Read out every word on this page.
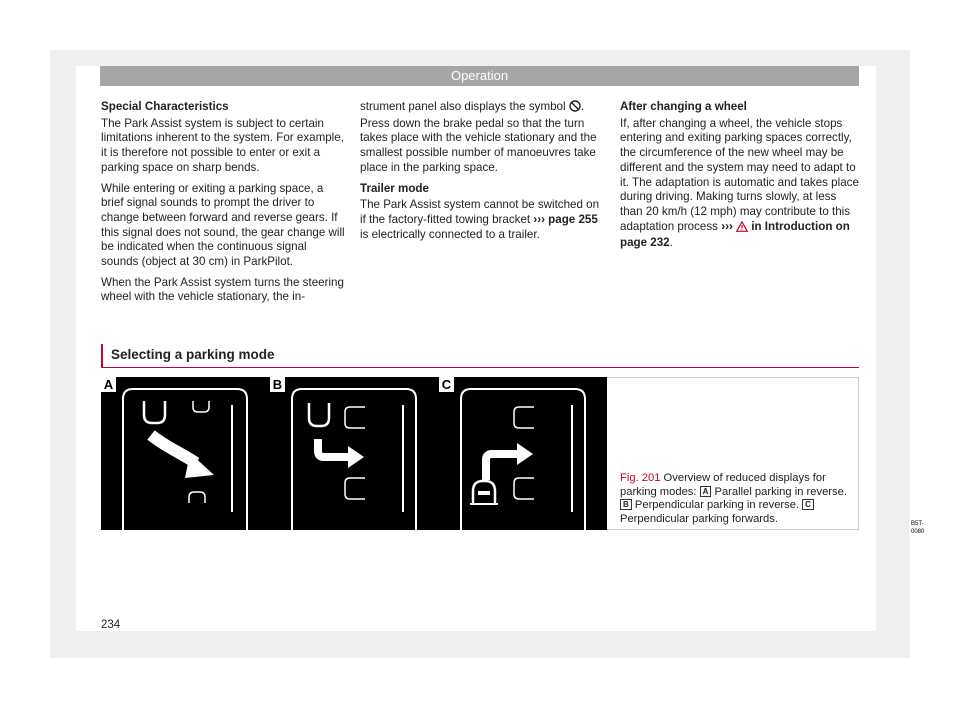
Operation

Special Characteristics

The Park Assist system is subject to certain limitations inherent to the system. For example, it is therefore not possible to enter or exit a parking space on sharp bends.

While entering or exiting a parking space, a brief signal sounds to prompt the driver to change between forward and reverse gears. If this signal does not sound, the gear change will be indicated when the continuous signal sounds (object at 30 cm) in ParkPilot.

When the Park Assist system turns the steering wheel with the vehicle stationary, the in-

strument panel also displays the symbol . Press down the brake pedal so that the turn takes place with the vehicle stationary and the smallest possible number of manoeuvres take place in the parking space.

Trailer mode

The Park Assist system cannot be switched on if the factory-fitted towing bracket ››› page 255 is electrically connected to a trailer.

After changing a wheel

If, after changing a wheel, the vehicle stops entering and exiting parking spaces correctly, the circumference of the new wheel may be different and the system may need to adapt to it. The adaptation is automatic and takes place during driving. Making turns slowly, at less than 20 km/h (12 mph) may contribute to this adaptation process ››› in Introduction on page 232.

Selecting a parking mode
A	B	C
B5T-0080
Fig. 201 Overview of reduced displays for parking modes: A Parallel parking in reverse. B Perpendicular parking in reverse. C Perpendicular parking forwards.
234
